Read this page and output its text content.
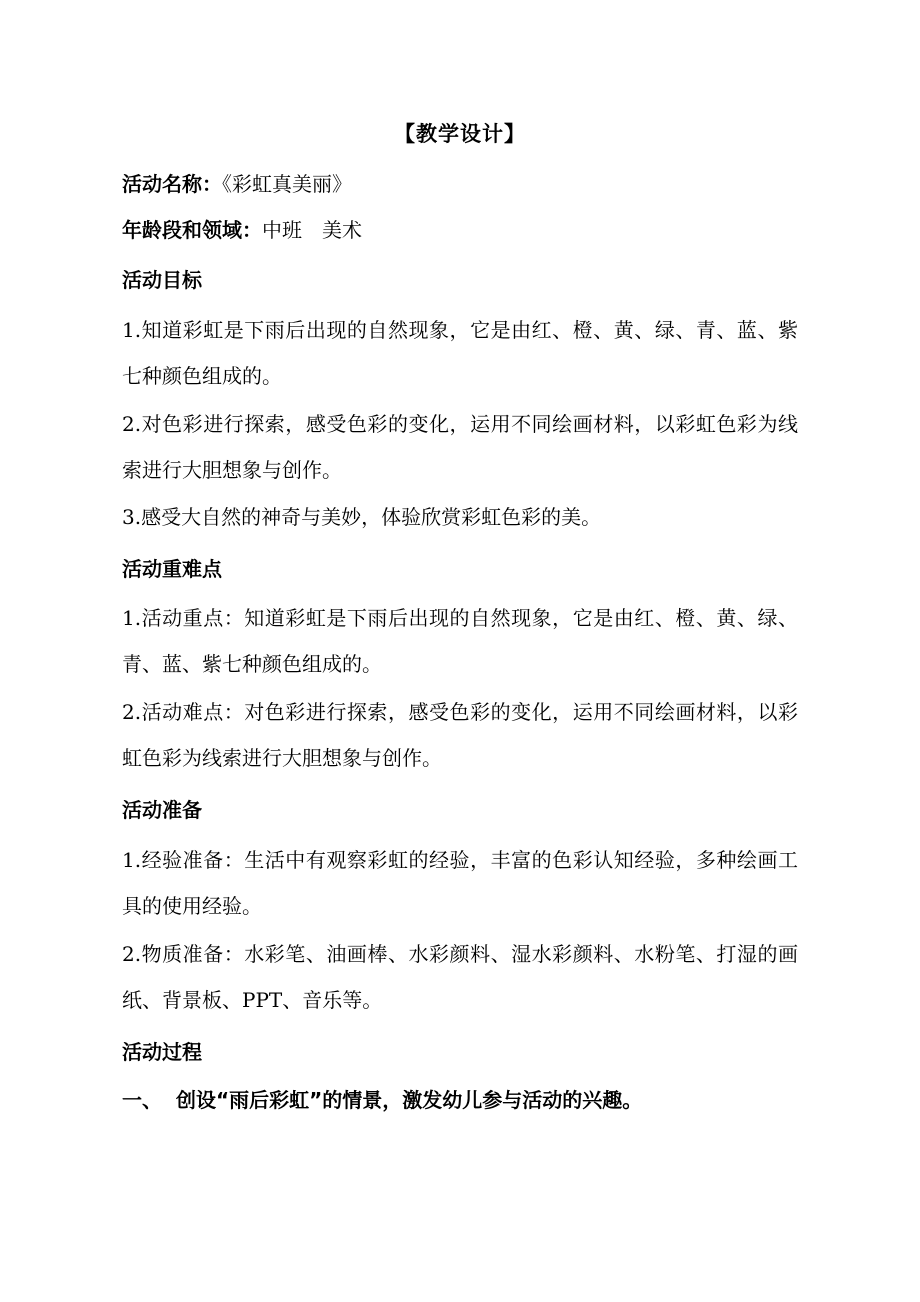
【教学设计】
活动名称：《彩虹真美丽》
年龄段和领域：中班　美术
活动目标
1.知道彩虹是下雨后出现的自然现象，它是由红、橙、黄、绿、青、蓝、紫七种颜色组成的。
2.对色彩进行探索，感受色彩的变化，运用不同绘画材料，以彩虹色彩为线索进行大胆想象与创作。
3.感受大自然的神奇与美妙，体验欣赏彩虹色彩的美。
活动重难点
1.活动重点：知道彩虹是下雨后出现的自然现象，它是由红、橙、黄、绿、青、蓝、紫七种颜色组成的。
2.活动难点：对色彩进行探索，感受色彩的变化，运用不同绘画材料，以彩虹色彩为线索进行大胆想象与创作。
活动准备
1.经验准备：生活中有观察彩虹的经验，丰富的色彩认知经验，多种绘画工具的使用经验。
2.物质准备：水彩笔、油画棒、水彩颜料、湿水彩颜料、水粉笔、打湿的画纸、背景板、PPT、音乐等。
活动过程
一、 创设“雨后彩虹”的情景，激发幼儿参与活动的兴趣。
